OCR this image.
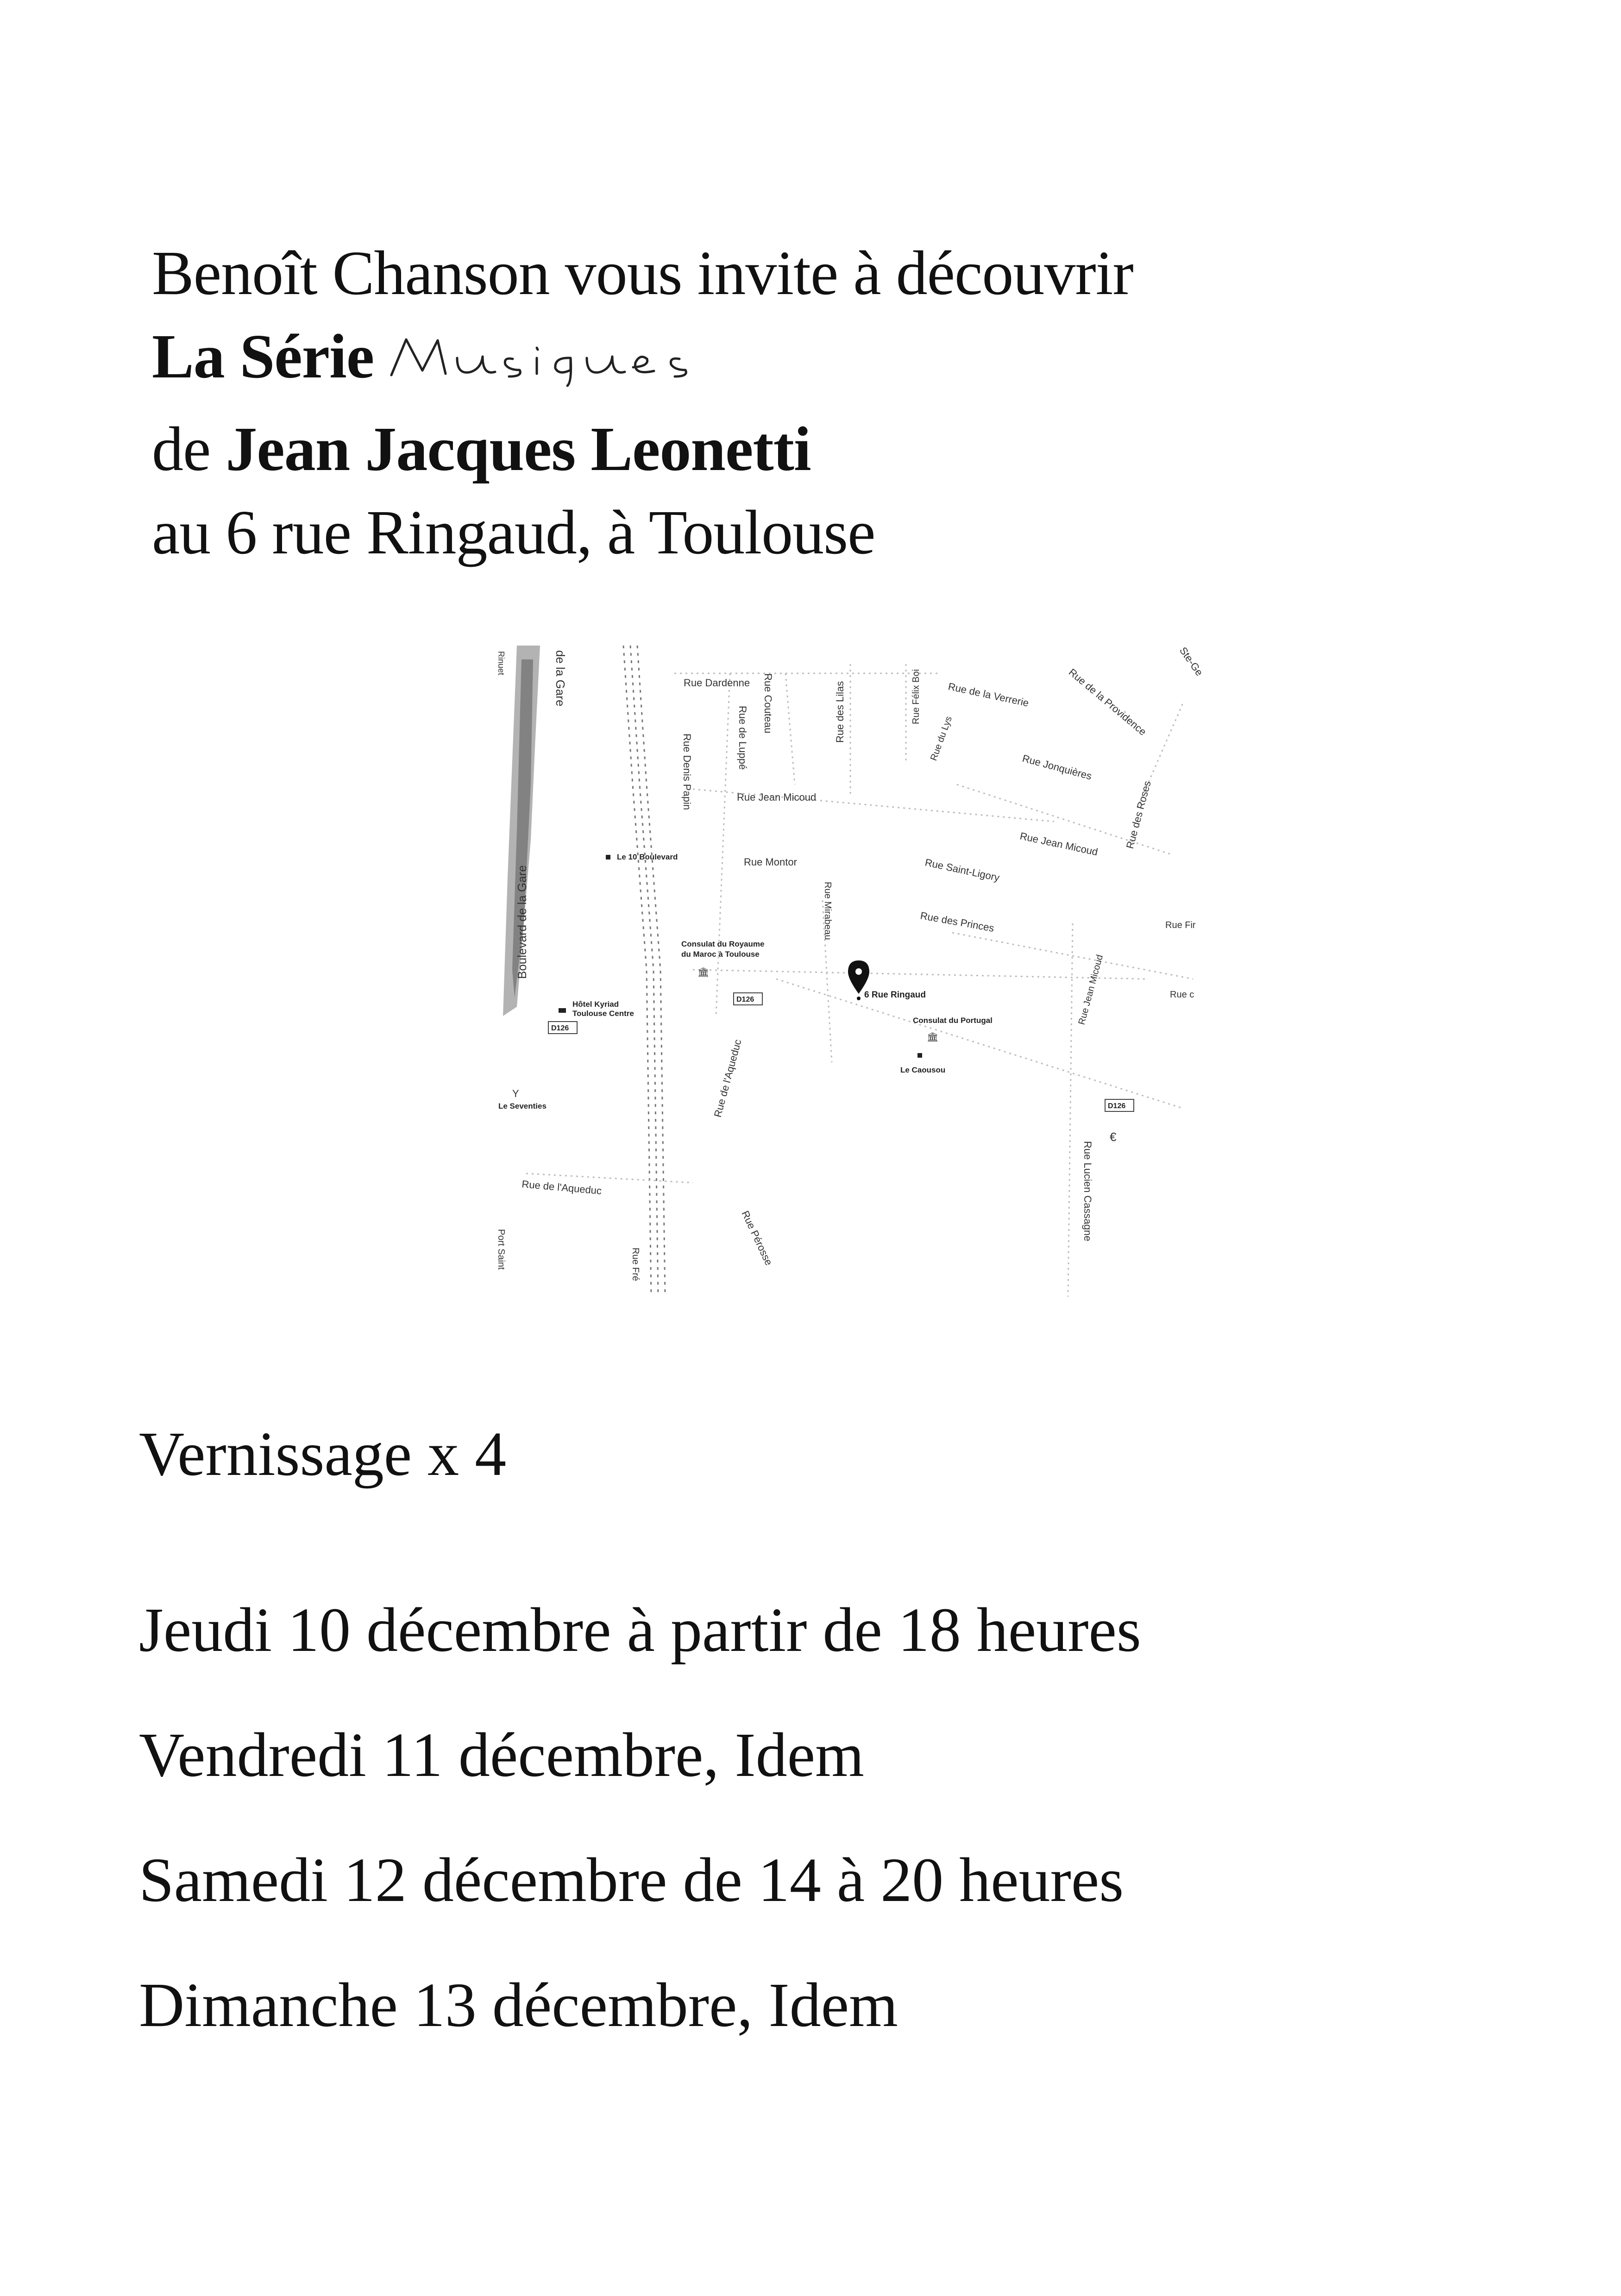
Benoît Chanson vous invite à découvrir
La Série
de Jean Jacques Leonetti
au 6 rue Ringaud, à Toulouse
Boulevard de la Gare
de la Gare	Rue Dardenne Rue Couteau	Rue des Lilas	Rue Félix Boi
Rue de Luppé
Rue Denis Papin	Rue du Lys
Rue de la Verrerie	Rue de la Providence
Rue Jonquières
Rue des Roses
Rue Jean Micoud
Rue Jean Micoud
Rue Montor	Rue Saint-Ligory
Rue des Princes
Rue Mirabeau
Rue Jean Micoud
Rue Fir
Rue c
Rue de l'Aqueduc
Rue de l'Aqueduc
Rue Pérosse	Rue Lucien Cassagne
Rue Fré
Port Saint
Rinuet	Ste-Ge
Le 10 Boulevard
Consulat du Royaume
du Maroc à Toulouse
🏛
Hôtel Kyriad
Toulouse Centre
Y
Le Seventies
Consulat du Portugal
🏛
Le Caousou
€
D126
D126
D126
6 Rue Ringaud
Vernissage x 4
Jeudi 10 décembre à partir de 18 heures
Vendredi 11 décembre, Idem
Samedi 12 décembre de 14 à 20 heures
Dimanche 13 décembre, Idem
